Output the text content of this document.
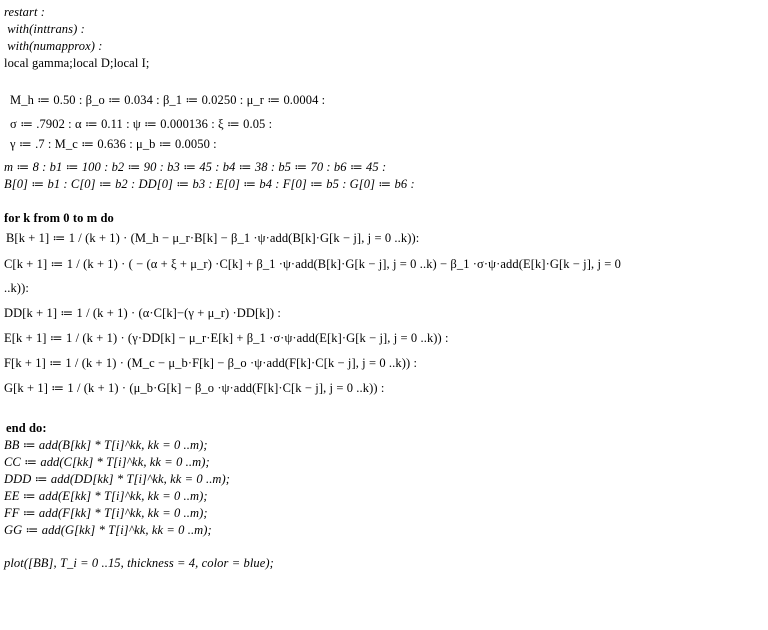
restart :
with(inttrans) :
with(numapprox) :
local gamma;local D;local I;
M_h ≔ 0.50 : β_o ≔ 0.034 : β_1 ≔ 0.0250 : μ_r ≔ 0.0004 :
σ ≔ .7902 : α ≔ 0.11 : ψ ≔ 0.000136 : ξ ≔ 0.05 :
γ ≔ .7 : M_c ≔ 0.636 : μ_b ≔ 0.0050 :
m ≔ 8 : b1 ≔ 100 : b2 ≔ 90 : b3 ≔ 45 : b4 ≔ 38 : b5 ≔ 70 : b6 ≔ 45 :
B[0] ≔ b1 : C[0] ≔ b2 : DD[0] ≔ b3 : E[0] ≔ b4 : F[0] ≔ b5 : G[0] ≔ b6 :
for k from 0 to m do
B[k + 1] ≔ 1 / (k + 1) · (M_h − μ_r·B[k] − β_1 ·ψ·add(B[k]·G[k − j], j = 0 ..k)):
C[k + 1] ≔ 1 / (k + 1) · ( − (α + ξ + μ_r) ·C[k] + β_1 ·ψ·add(B[k]·G[k − j], j = 0 ..k) − β_1 ·σ·ψ·add(E[k]·G[k − j], j = 0
..k)):
DD[k + 1] ≔ 1 / (k + 1) · (α·C[k]−(γ + μ_r) ·DD[k]) :
E[k + 1] ≔ 1 / (k + 1) · (γ·DD[k] − μ_r·E[k] + β_1 ·σ·ψ·add(E[k]·G[k − j], j = 0 ..k)) :
F[k + 1] ≔ 1 / (k + 1) · (M_c − μ_b·F[k] − β_o ·ψ·add(F[k]·C[k − j], j = 0 ..k)) :
G[k + 1] ≔ 1 / (k + 1) · (μ_b·G[k] − β_o ·ψ·add(F[k]·C[k − j], j = 0 ..k)) :
end do:
BB ≔ add(B[kk] * T[i]^kk, kk = 0 ..m);
CC ≔ add(C[kk] * T[i]^kk, kk = 0 ..m);
DDD ≔ add(DD[kk] * T[i]^kk, kk = 0 ..m);
EE ≔ add(E[kk] * T[i]^kk, kk = 0 ..m);
FF ≔ add(F[kk] * T[i]^kk, kk = 0 ..m);
GG ≔ add(G[kk] * T[i]^kk, kk = 0 ..m);
plot([BB], T_i = 0 ..15, thickness = 4, color = blue);
